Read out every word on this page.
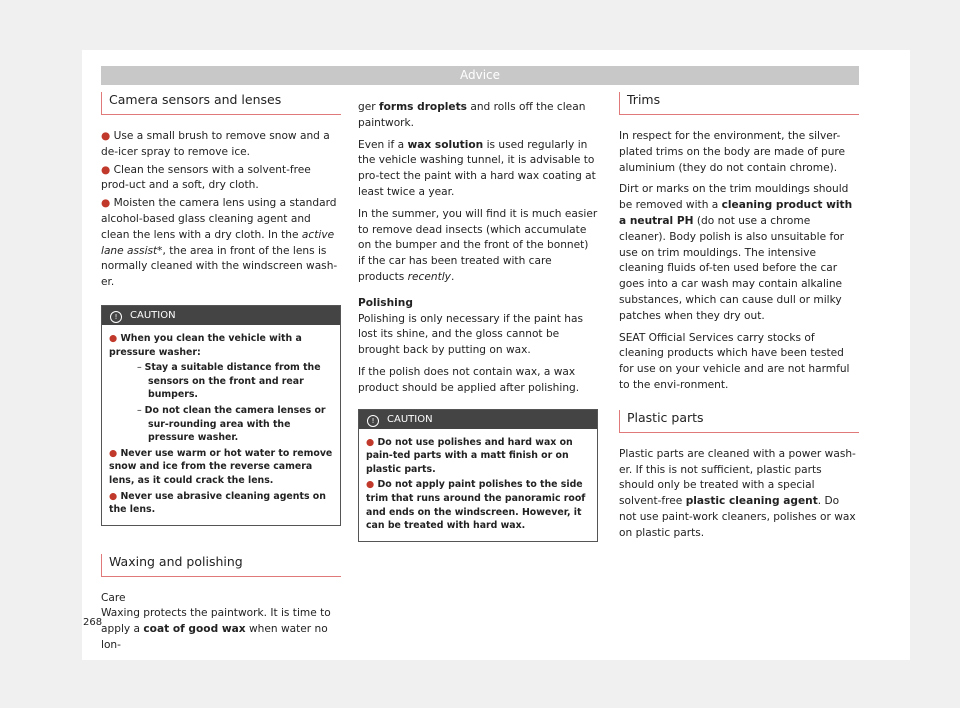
Advice
Camera sensors and lenses
● Use a small brush to remove snow and a de-icer spray to remove ice.
● Clean the sensors with a solvent-free prod-uct and a soft, dry cloth.
● Moisten the camera lens using a standard alcohol-based glass cleaning agent and clean the lens with a dry cloth. In the active lane assist*, the area in front of the lens is normally cleaned with the windscreen wash-er.
! CAUTION
● When you clean the vehicle with a pressure washer:
– Stay a suitable distance from the sensors on the front and rear bumpers.
– Do not clean the camera lenses or sur-rounding area with the pressure washer.
● Never use warm or hot water to remove snow and ice from the reverse camera lens, as it could crack the lens.
● Never use abrasive cleaning agents on the lens.
Waxing and polishing

Care

Waxing protects the paintwork. It is time to apply a coat of good wax when water no lon-

ger forms droplets and rolls off the clean paintwork.

Even if a wax solution is used regularly in the vehicle washing tunnel, it is advisable to pro-tect the paint with a hard wax coating at least twice a year.

In the summer, you will find it is much easier to remove dead insects (which accumulate on the bumper and the front of the bonnet) if the car has been treated with care products recently.

Polishing

Polishing is only necessary if the paint has lost its shine, and the gloss cannot be brought back by putting on wax.

If the polish does not contain wax, a wax product should be applied after polishing.

! CAUTION
● Do not use polishes and hard wax on pain-ted parts with a matt finish or on plastic parts.
● Do not apply paint polishes to the side trim that runs around the panoramic roof and ends on the windscreen. However, it can be treated with hard wax.
Trims

In respect for the environment, the silver-plated trims on the body are made of pure aluminium (they do not contain chrome).

Dirt or marks on the trim mouldings should be removed with a cleaning product with a neutral PH (do not use a chrome cleaner). Body polish is also unsuitable for use on trim mouldings. The intensive cleaning fluids of-ten used before the car goes into a car wash may contain alkaline substances, which can cause dull or milky patches when they dry out.

SEAT Official Services carry stocks of cleaning products which have been tested for use on your vehicle and are not harmful to the envi-ronment.

Plastic parts

Plastic parts are cleaned with a power wash-er. If this is not sufficient, plastic parts should only be treated with a special solvent-free plastic cleaning agent. Do not use paint-work cleaners, polishes or wax on plastic parts.

268
